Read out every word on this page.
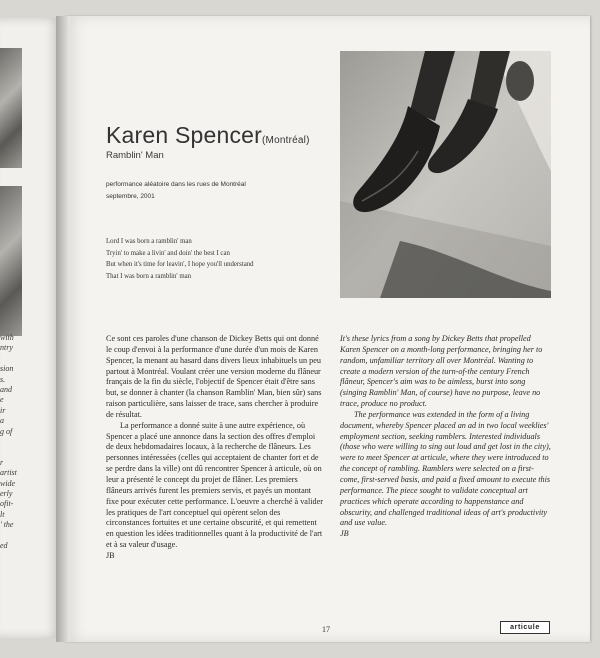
with
ntry
sion
s.
and
e
ir
a
g of
r
artist
wide
erly
ofit-
lt
' the
ed
Karen Spencer(Montréal)
Ramblin' Man
performance aléatoire dans les rues de Montréal
septembre, 2001
Lord I was born a ramblin' man
Tryin' to make a livin' and doin' the best I can
But when it's time for leavin', I hope you'll understand
That I was born a ramblin' man

Ce sont ces paroles d'une chanson de Dickey Betts qui ont donné le coup d'envoi à la performance d'une durée d'un mois de Karen Spencer, la menant au hasard dans divers lieux inhabituels un peu partout à Montréal. Voulant créer une version moderne du flâneur français de la fin du siècle, l'objectif de Spencer était d'être sans but, se donner à chanter (la chanson Ramblin' Man, bien sûr) sans raison particulière, sans laisser de trace, sans chercher à produire de résultat.

La performance a donné suite à une autre expérience, où Spencer a placé une annonce dans la section des offres d'emploi de deux hebdomadaires locaux, à la recherche de flâneurs. Les personnes intéressées (celles qui acceptaient de chanter fort et de se perdre dans la ville) ont dû rencontrer Spencer à articule, où on leur a présenté le concept du projet de flâner. Les premiers flâneurs arrivés furent les premiers servis, et payés un montant fixe pour exécuter cette performance. L'oeuvre a cherché à valider les pratiques de l'art conceptuel qui opèrent selon des circonstances fortuites et une certaine obscurité, et qui remettent en question les idées traditionnelles quant à la productivité de l'art et à sa valeur d'usage.

JB

It's these lyrics from a song by Dickey Betts that propelled Karen Spencer on a month-long performance, bringing her to random, unfamiliar territory all over Montréal. Wanting to create a modern version of the turn-of-the century French flâneur, Spencer's aim was to be aimless, burst into song (singing Ramblin' Man, of course) have no purpose, leave no trace, produce no product.

The performance was extended in the form of a living document, whereby Spencer placed an ad in two local weeklies' employment section, seeking ramblers. Interested individuals (those who were willing to sing out loud and get lost in the city), were to meet Spencer at articule, where they were introduced to the concept of rambling. Ramblers were selected on a first-come, first-served basis, and paid a fixed amount to execute this performance. The piece sought to validate conceptual art practices which operate according to happenstance and obscurity, and challenged traditional ideas of art's productivity and use value.

JB

17	articule
